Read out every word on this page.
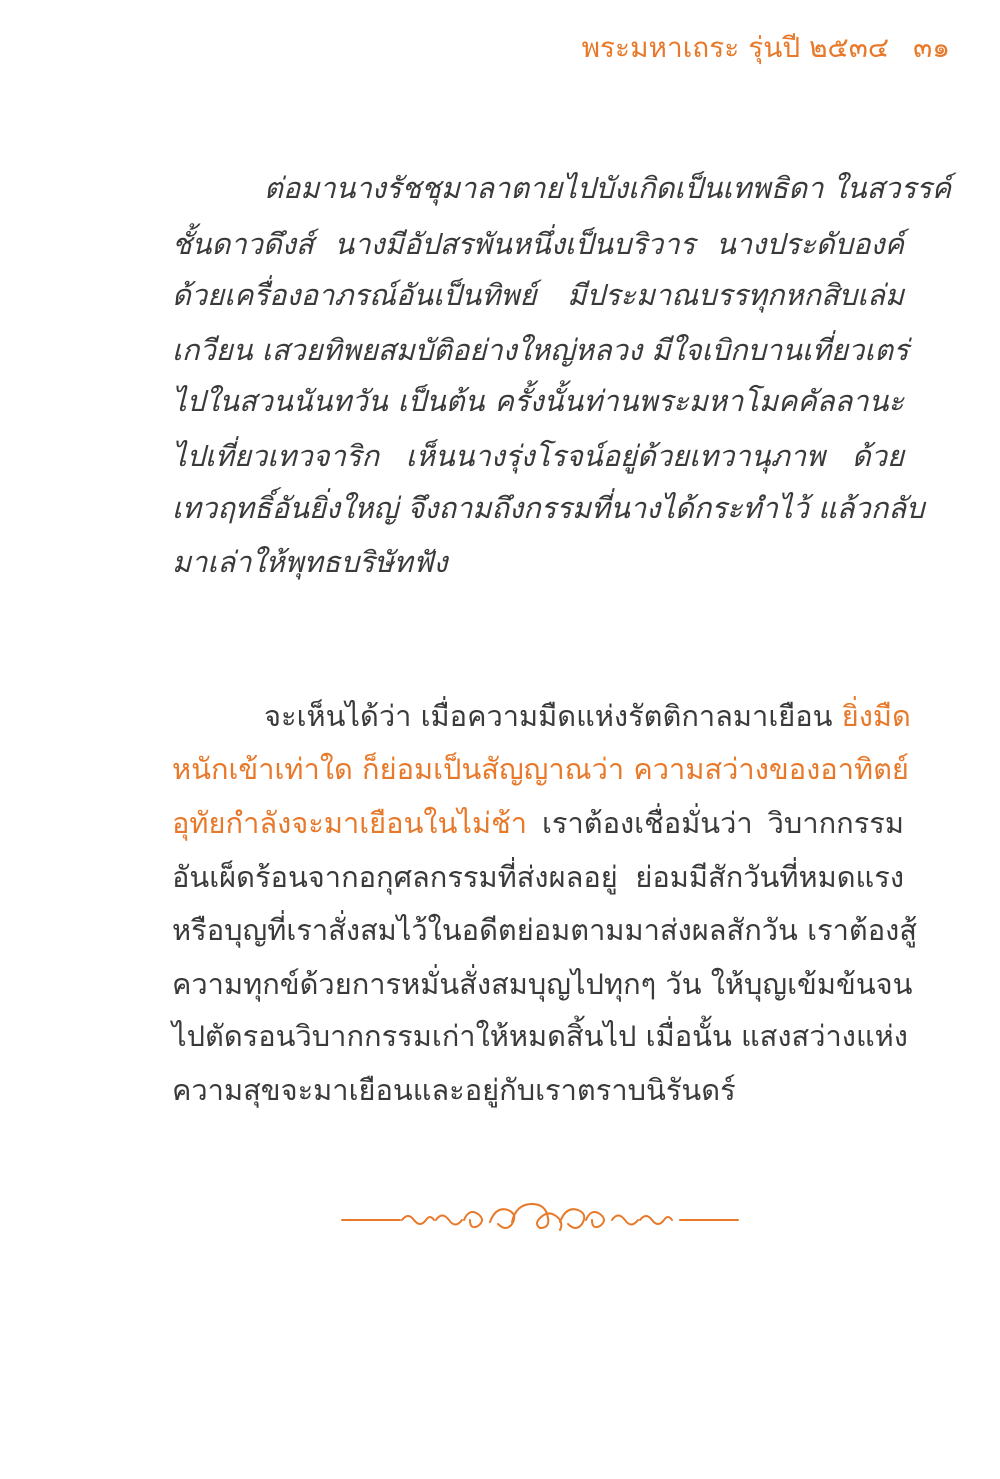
พระมหาเถระ รุ่นปี ๒๕๓๔ ๓๑
ต่อมานางรัชชุมาลาตายไปบังเกิดเป็นเทพธิดา ในสวรรค์
ชั้นดาวดึงส์ นางมีอัปสรพันหนึ่งเป็นบริวาร นางประดับองค์
ด้วยเครื่องอาภรณ์อันเป็นทิพย์ มีประมาณบรรทุกหกสิบเล่ม
เกวียน เสวยทิพยสมบัติอย่างใหญ่หลวง มีใจเบิกบานเที่ยวเตร่
ไปในสวนนันทวัน เป็นต้น ครั้งนั้นท่านพระมหาโมคคัลลานะ
ไปเที่ยวเทวจาริก เห็นนางรุ่งโรจน์อยู่ด้วยเทวานุภาพ ด้วย
เทวฤทธิ์อันยิ่งใหญ่ จึงถามถึงกรรมที่นางได้กระทำไว้ แล้วกลับ
มาเล่าให้พุทธบริษัทฟัง
จะเห็นได้ว่า เมื่อความมืดแห่งรัตติกาลมาเยือน ยิ่งมืด
หนักเข้าเท่าใด ก็ย่อมเป็นสัญญาณว่า ความสว่างของอาทิตย์
อุทัยกำลังจะมาเยือนในไม่ช้า เราต้องเชื่อมั่นว่า วิบากกรรม
อันเผ็ดร้อนจากอกุศลกรรมที่ส่งผลอยู่ ย่อมมีสักวันที่หมดแรง
หรือบุญที่เราสั่งสมไว้ในอดีตย่อมตามมาส่งผลสักวัน เราต้องสู้
ความทุกข์ด้วยการหมั่นสั่งสมบุญไปทุกๆ วัน ให้บุญเข้มข้นจน
ไปตัดรอนวิบากกรรมเก่าให้หมดสิ้นไป เมื่อนั้น แสงสว่างแห่ง
ความสุขจะมาเยือนและอยู่กับเราตราบนิรันดร์
